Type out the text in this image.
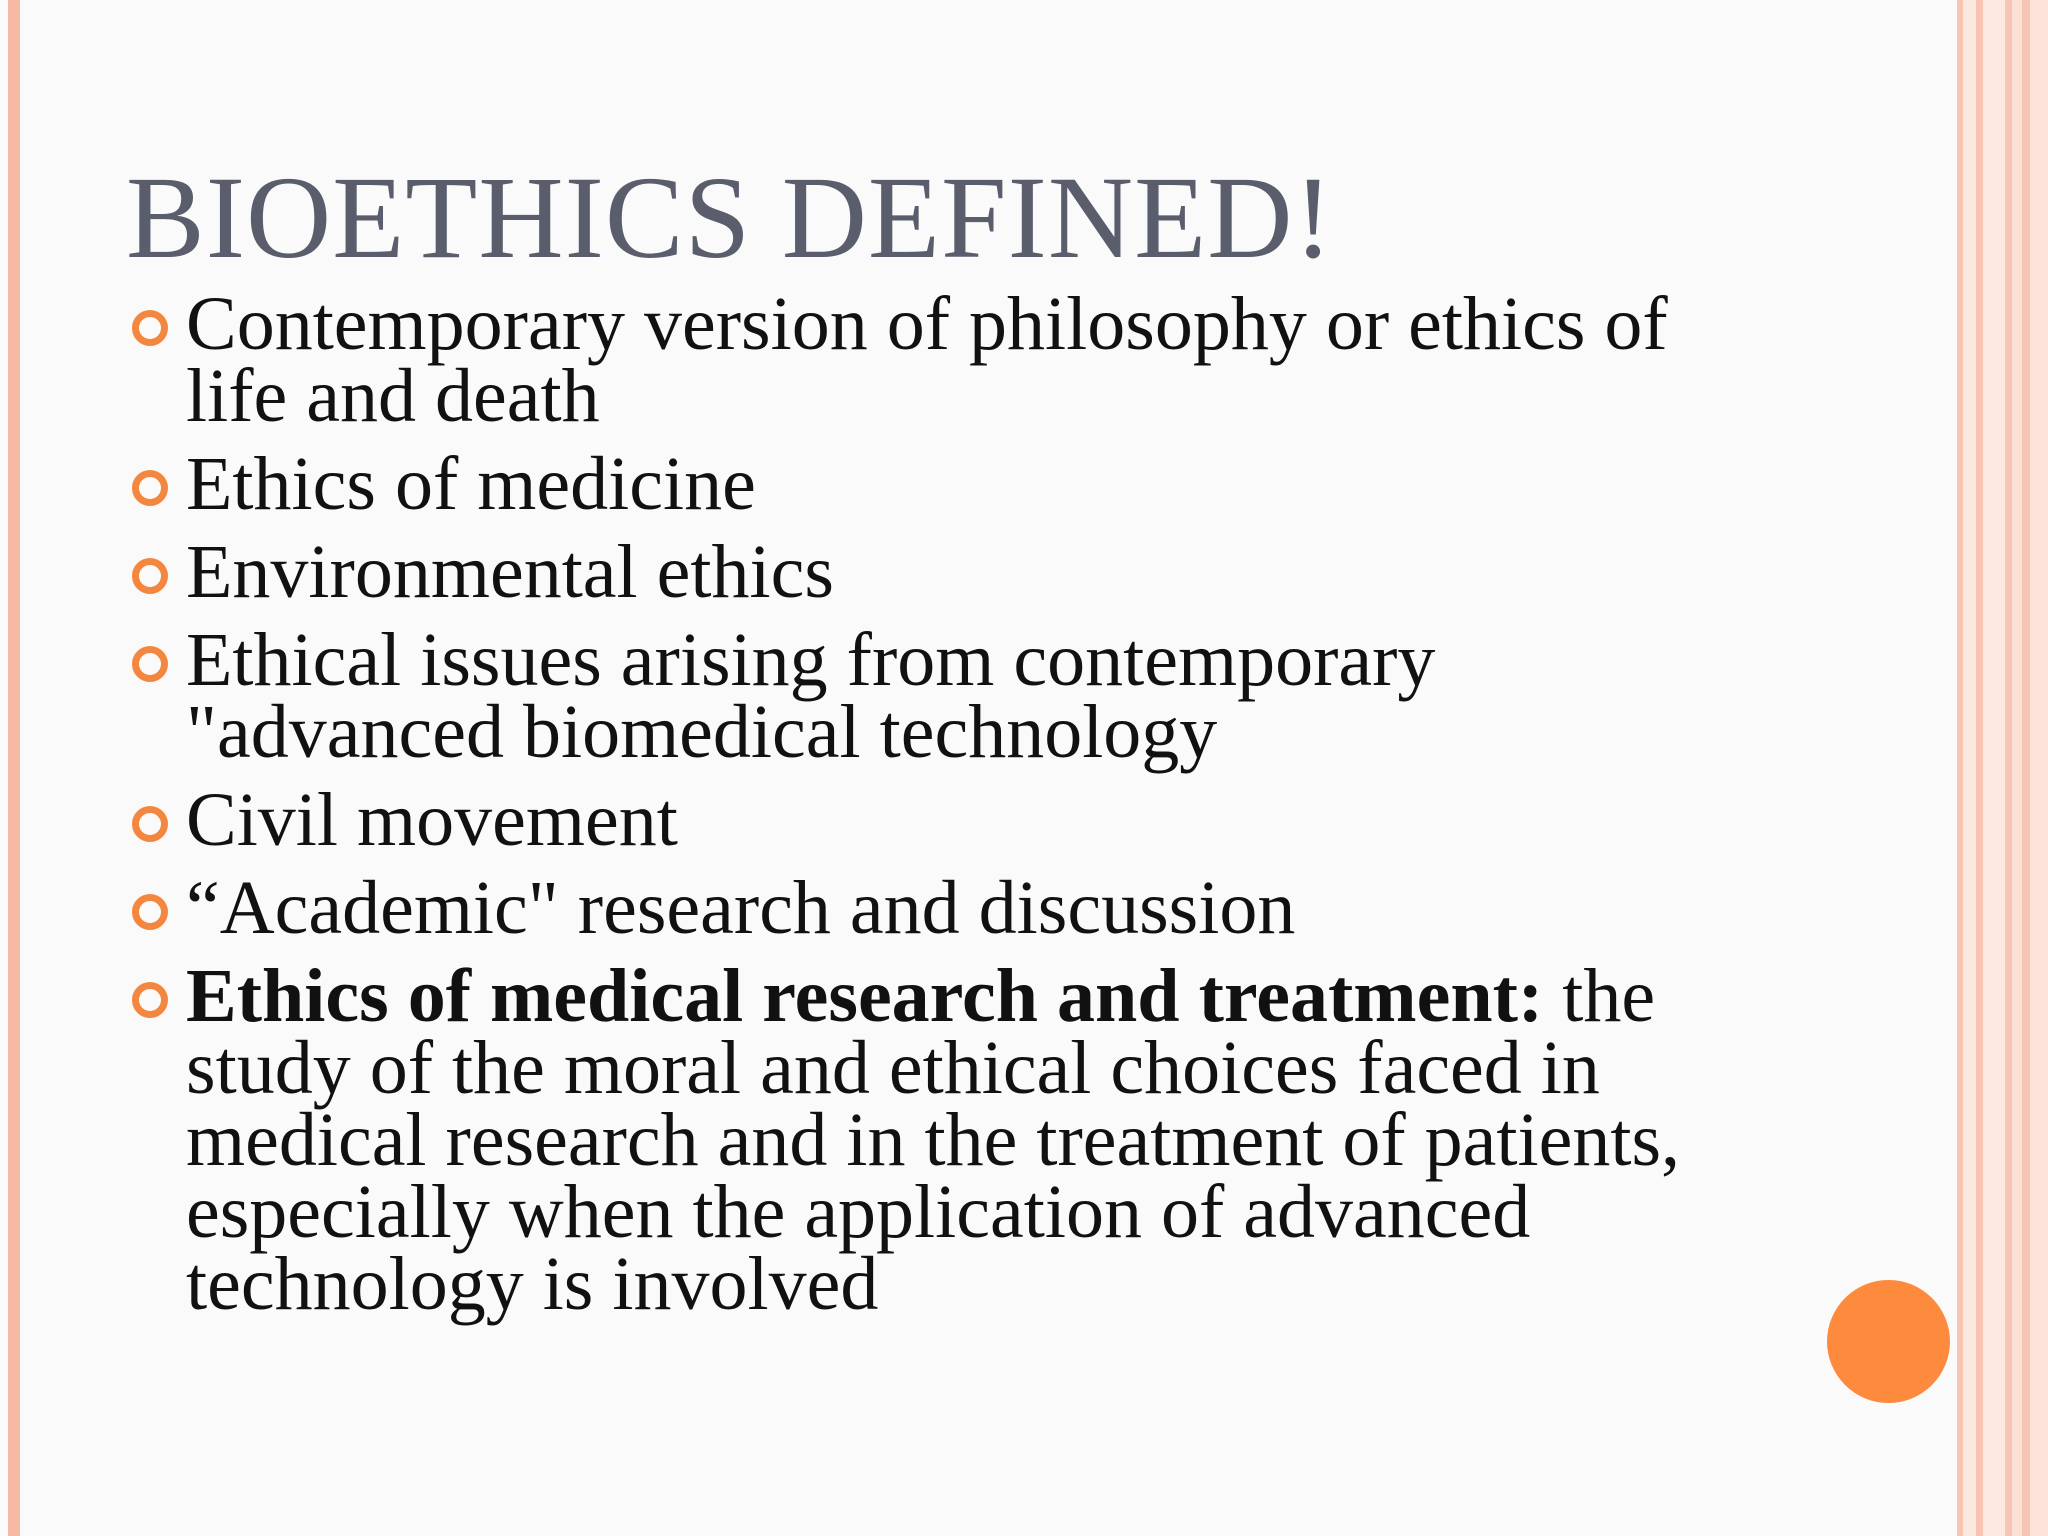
BIOETHICS DEFINED!
Contemporary version of philosophy or ethics of life and death
Ethics of medicine
Environmental ethics
Ethical issues arising from contemporary "advanced biomedical technology
Civil movement
“Academic" research and discussion
Ethics of medical research and treatment: the study of the moral and ethical choices faced in medical research and in the treatment of patients, especially when the application of advanced technology is involved
